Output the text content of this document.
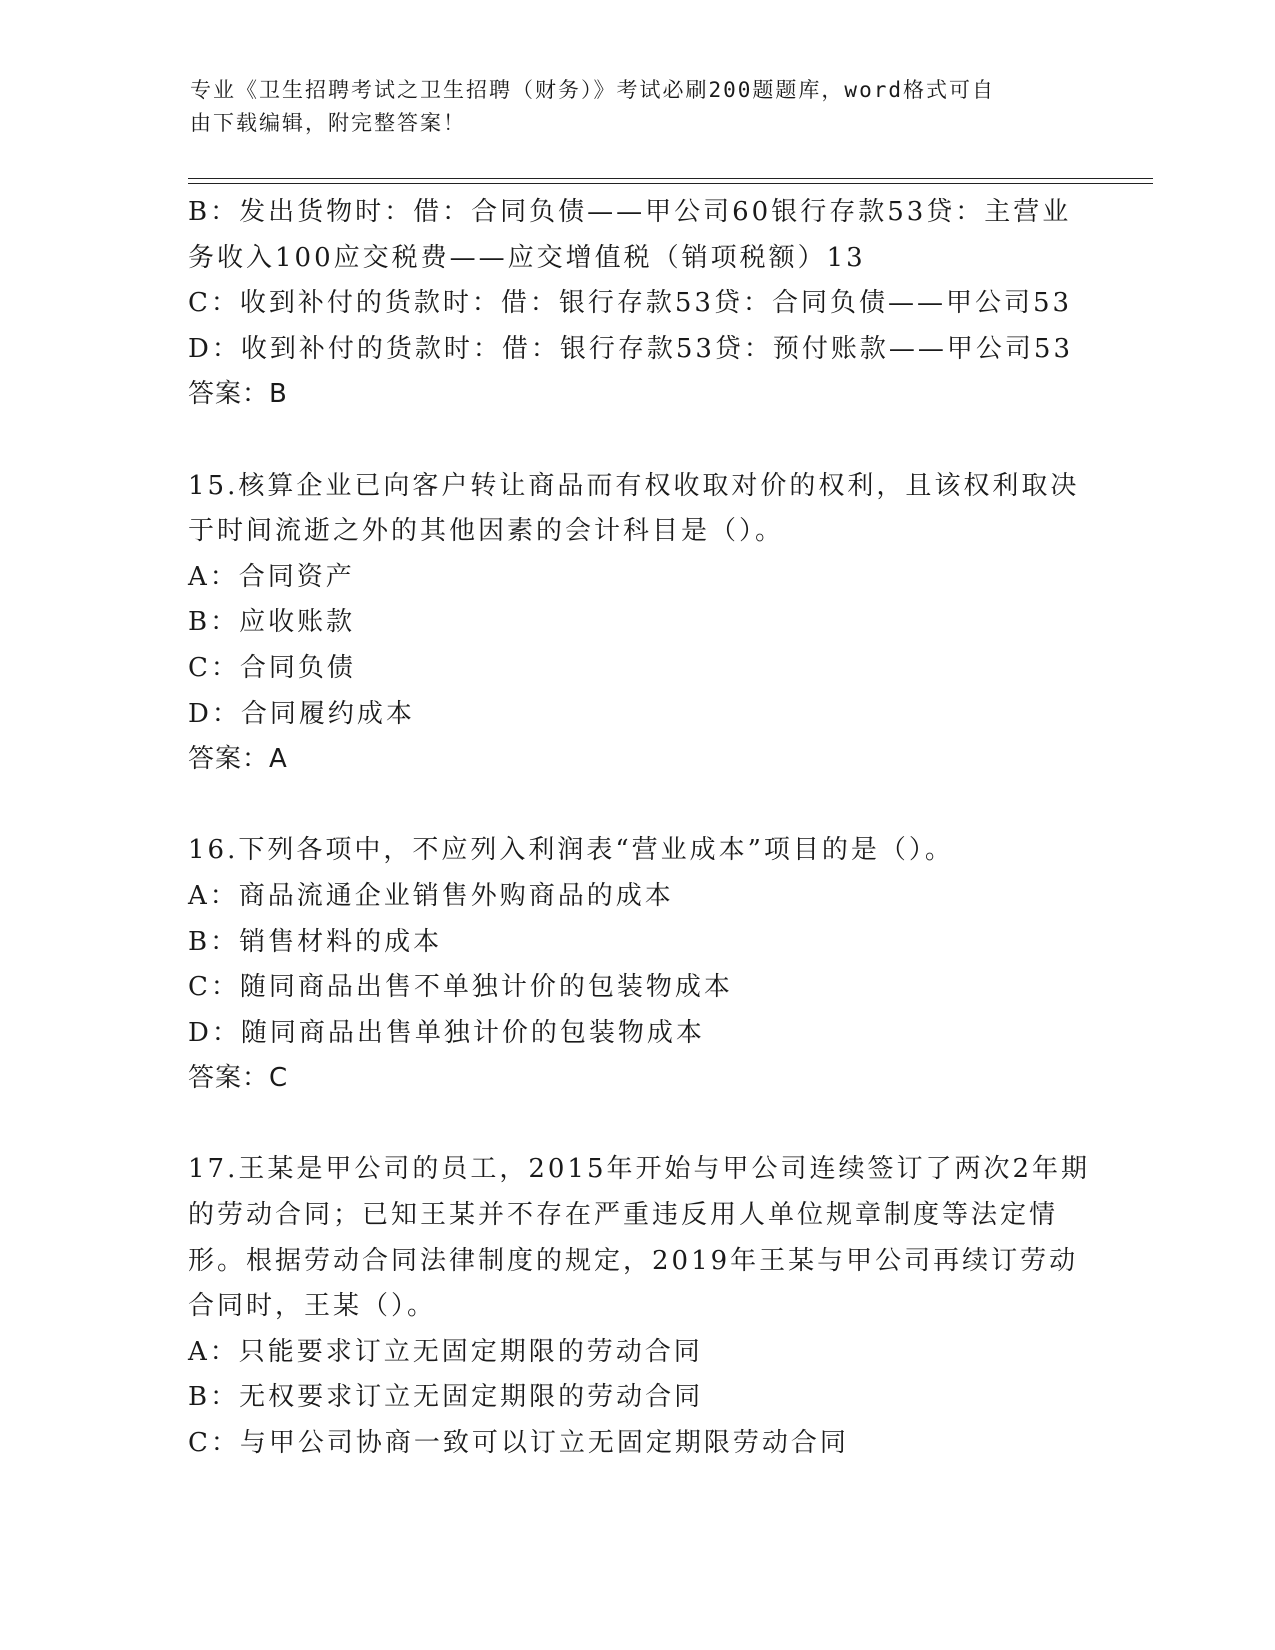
专业《卫生招聘考试之卫生招聘（财务）》考试必刷200题题库，word格式可自
由下载编辑，附完整答案！
B：发出货物时：借：合同负债——甲公司60银行存款53贷：主营业
务收入100应交税费——应交增值税（销项税额）13
C：收到补付的货款时：借：银行存款53贷：合同负债——甲公司53
D：收到补付的货款时：借：银行存款53贷：预付账款——甲公司53
答案：B
15.核算企业已向客户转让商品而有权收取对价的权利，且该权利取决
于时间流逝之外的其他因素的会计科目是（）。
A：合同资产
B：应收账款
C：合同负债
D：合同履约成本
答案：A
16.下列各项中，不应列入利润表“营业成本”项目的是（）。
A：商品流通企业销售外购商品的成本
B：销售材料的成本
C：随同商品出售不单独计价的包装物成本
D：随同商品出售单独计价的包装物成本
答案：C
17.王某是甲公司的员工，2015年开始与甲公司连续签订了两次2年期
的劳动合同；已知王某并不存在严重违反用人单位规章制度等法定情
形。根据劳动合同法律制度的规定，2019年王某与甲公司再续订劳动
合同时，王某（）。
A：只能要求订立无固定期限的劳动合同
B：无权要求订立无固定期限的劳动合同
C：与甲公司协商一致可以订立无固定期限劳动合同
